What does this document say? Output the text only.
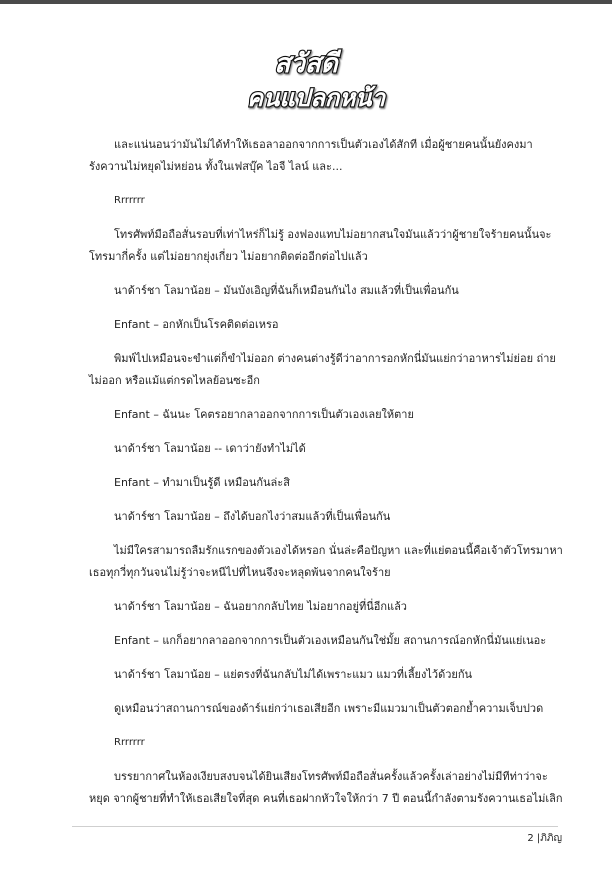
สวัสดี
คนแปลกหน้า

และแน่นอนว่ามันไม่ได้ทำให้เธอลาออกจากการเป็นตัวเองได้สักที เมื่อผู้ชายคนนั้นยังคงมารังควานไม่หยุดไม่หย่อน ทั้งในเฟสบุ๊ค ไอจี ไลน์ และ...

Rrrrrrr

โทรศัพท์มือถือสั่นรอบที่เท่าไหร่ก็ไม่รู้ องฟองแทบไม่อยากสนใจมันแล้วว่าผู้ชายใจร้ายคนนั้นจะโทรมากี่ครั้ง แต่ไม่อยากยุ่งเกี่ยว ไม่อยากติดต่ออีกต่อไปแล้ว

นาด้าร์ชา โลมาน้อย – มันบังเอิญที่ฉันก็เหมือนกันไง สมแล้วที่เป็นเพื่อนกัน

Enfant – อกหักเป็นโรคติดต่อเหรอ

พิมพ์ไปเหมือนจะขำแต่ก็ขำไม่ออก ต่างคนต่างรู้ดีว่าอาการอกหักนี่มันแย่กว่าอาหารไม่ย่อย ถ่ายไม่ออก หรือแม้แต่กรดไหลย้อนซะอีก

Enfant – ฉันนะ โคตรอยากลาออกจากการเป็นตัวเองเลยให้ตาย

นาด้าร์ชา โลมาน้อย -- เดาว่ายังทำไม่ได้

Enfant – ทำมาเป็นรู้ดี เหมือนกันล่ะสิ

นาด้าร์ชา โลมาน้อย – ถึงได้บอกไงว่าสมแล้วที่เป็นเพื่อนกัน

ไม่มีใครสามารถลืมรักแรกของตัวเองได้หรอก นั่นล่ะคือปัญหา และที่แย่ตอนนี้คือเจ้าตัวโทรมาหาเธอทุกวี่ทุกวันจนไม่รู้ว่าจะหนีไปที่ไหนจึงจะหลุดพ้นจากคนใจร้าย

นาด้าร์ชา โลมาน้อย – ฉันอยากกลับไทย ไม่อยากอยู่ที่นี่อีกแล้ว

Enfant – แกก็อยากลาออกจากการเป็นตัวเองเหมือนกันใช่มั้ย สถานการณ์อกหักนี่มันแย่เนอะ

นาด้าร์ชา โลมาน้อย – แย่ตรงที่ฉันกลับไม่ได้เพราะแมว แมวที่เลี้ยงไว้ด้วยกัน

ดูเหมือนว่าสถานการณ์ของด้าร์แย่กว่าเธอเสียอีก เพราะมีแมวมาเป็นตัวตอกย้ำความเจ็บปวด

Rrrrrrr

บรรยากาศในห้องเงียบสงบจนได้ยินเสียงโทรศัพท์มือถือสั่นครั้งแล้วครั้งเล่าอย่างไม่มีทีท่าว่าจะหยุด จากผู้ชายที่ทำให้เธอเสียใจที่สุด คนที่เธอฝากหัวใจให้กว่า 7 ปี ตอนนี้กำลังตามรังควานเธอไม่เลิก

2 |ภิภิญ
